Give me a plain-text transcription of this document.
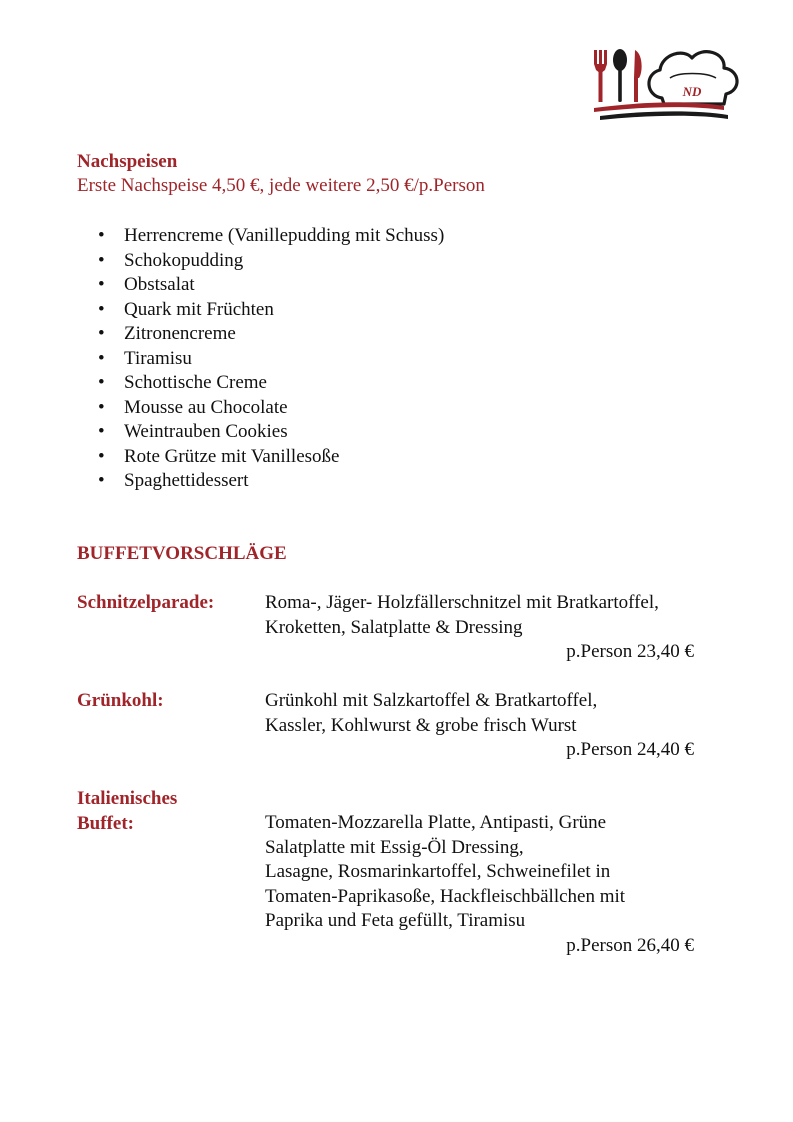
ND
Nachspeisen
Erste Nachspeise 4,50 €, jede weitere 2,50 €/p.Person
• Herrencreme (Vanillepudding mit Schuss)
• Schokopudding
• Obstsalat
• Quark mit Früchten
• Zitronencreme
• Tiramisu
• Schottische Creme
• Mousse au Chocolate
• Weintrauben Cookies
• Rote Grütze mit Vanillesoße
• Spaghettidessert
BUFFETVORSCHLÄGE
Schnitzelparade:	Roma-, Jäger- Holzfällerschnitzel mit Bratkartoffel,
Kroketten, Salatplatte & Dressing
p.Person 23,40 €
Grünkohl:	Grünkohl mit Salzkartoffel & Bratkartoffel,
Kassler, Kohlwurst & grobe frisch Wurst
p.Person 24,40 €
Italienisches
Buffet:	Tomaten-Mozzarella Platte, Antipasti, Grüne
Salatplatte mit Essig-Öl Dressing,
Lasagne, Rosmarinkartoffel, Schweinefilet in
Tomaten-Paprikasoße, Hackfleischbällchen mit
Paprika und Feta gefüllt, Tiramisu
p.Person 26,40 €
